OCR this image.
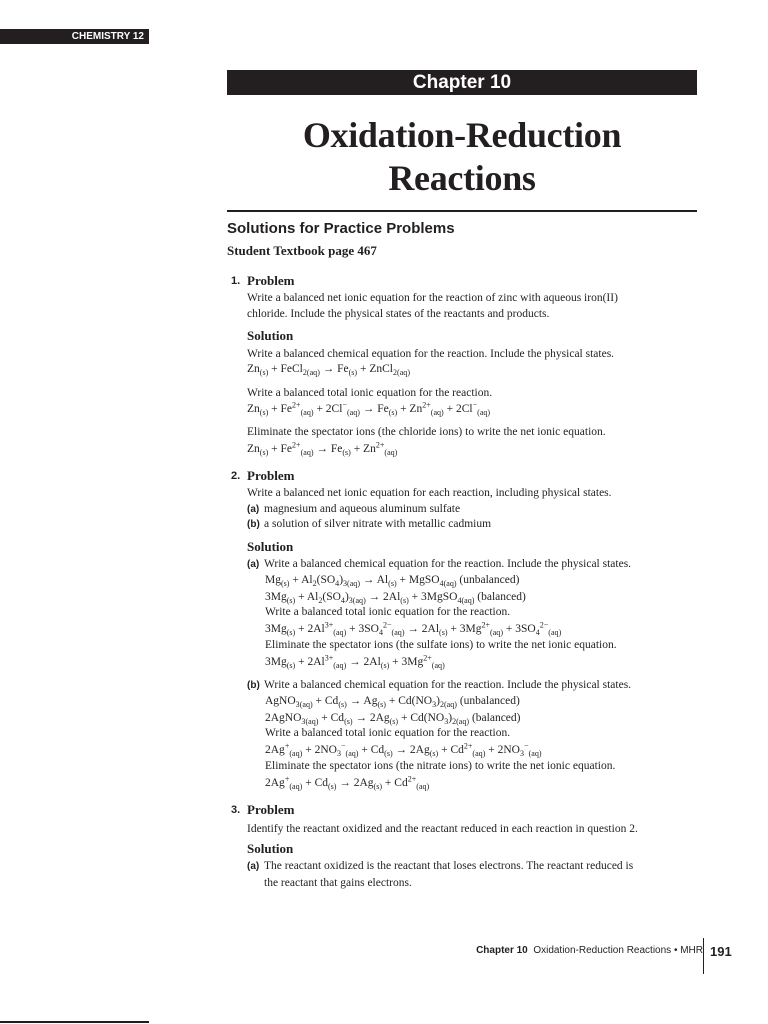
CHEMISTRY 12
Chapter 10
Oxidation-Reduction
Reactions
Solutions for Practice Problems
Student Textbook page 467
1. Problem
Write a balanced net ionic equation for the reaction of zinc with aqueous iron(II)
chloride. Include the physical states of the reactants and products.
Solution
Write a balanced chemical equation for the reaction. Include the physical states.
$Zn_{(s)}$ + FeCl$_{2(aq)}$ → $Fe_{(s)}$ + ZnCl$_{2(aq)}$
Write a balanced total ionic equation for the reaction.
$Zn_{(s)} + Fe^{2+}_{(aq)} + 2Cl^-_{(aq)} \to Fe_{(s)} + Zn^{2+}_{(aq)} + 2Cl^-_{(aq)}$
Eliminate the spectator ions (the chloride ions) to write the net ionic equation.
$Zn_{(s)} + Fe^{2+}_{(aq)} \to Fe_{(s)} + Zn^{2+}_{(aq)}$
2. Problem
Write a balanced net ionic equation for each reaction, including physical states.
(a) magnesium and aqueous aluminum sulfate
(b) a solution of silver nitrate with metallic cadmium
Solution
(a) Write a balanced chemical equation for the reaction. Include the physical states.
$Mg_{(s)} + Al_2(SO_4)_{3(aq)} \to Al_{(s)}$ + MgSO$_{4(aq)}$ (unbalanced)
$3Mg_{(s)} + Al_2(SO_4)_{3(aq)} \to 2Al_{(s)}$ + 3MgSO$_{4(aq)}$ (balanced)
Write a balanced total ionic equation for the reaction.
$3Mg_{(s)} + 2Al^{3+}_{(aq)} + 3SO_4^{2-}_{(aq)} \to 2Al_{(s)} + 3Mg^{2+}_{(aq)} + 3SO_4^{2-}_{(aq)}$
Eliminate the spectator ions (the sulfate ions) to write the net ionic equation.
$3Mg_{(s)} + 2Al^{3+}_{(aq)} \to 2Al_{(s)} + 3Mg^{2+}_{(aq)}$
(b) Write a balanced chemical equation for the reaction. Include the physical states.
AgNO$_{3(aq)}$ + $Cd_{(s)} \to Ag_{(s)} + Cd(NO_3)_{2(aq)}$ (unbalanced)
2AgNO$_{3(aq)}$ + $Cd_{(s)} \to 2Ag_{(s)} + Cd(NO_3)_{2(aq)}$ (balanced)
Write a balanced total ionic equation for the reaction.
$2Ag^+_{(aq)} + 2NO_3^-_{(aq)} + Cd_{(s)} \to 2Ag_{(s)} + Cd^{2+}_{(aq)} + 2NO_3^-_{(aq)}$
Eliminate the spectator ions (the nitrate ions) to write the net ionic equation.
$2Ag^+_{(aq)} + Cd_{(s)} \to 2Ag_{(s)} + Cd^{2+}_{(aq)}$
3. Problem
Identify the reactant oxidized and the reactant reduced in each reaction in question 2.
Solution
(a) The reactant oxidized is the reactant that loses electrons. The reactant reduced is
the reactant that gains electrons.
Chapter 10 Oxidation-Reduction Reactions • MHR 191
